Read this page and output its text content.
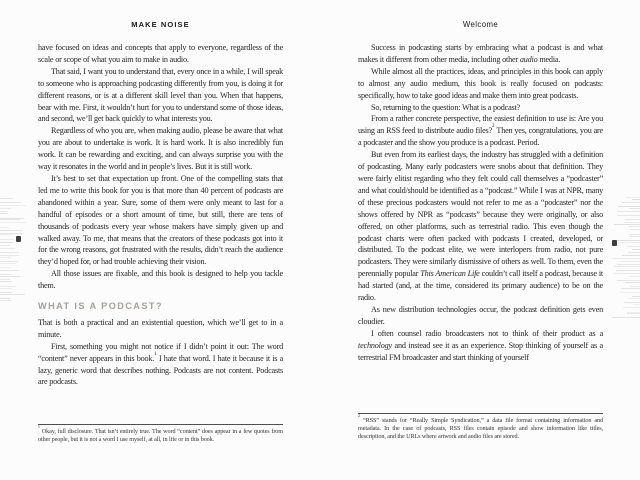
MAKE NOISE

have focused on ideas and concepts that apply to everyone, regardless of the scale or scope of what you aim to make in audio.

That said, I want you to understand that, every once in a while, I will speak to someone who is approaching podcasting differently from you, is doing it for different reasons, or is at a different skill level than you. When that happens, bear with me. First, it wouldn’t hurt for you to understand some of those ideas, and second, we’ll get back quickly to what interests you.

Regardless of who you are, when making audio, please be aware that what you are about to undertake is work. It is hard work. It is also incredibly fun work. It can be rewarding and exciting, and can always surprise you with the way it resonates in the world and in people’s lives. But it is still work.

It’s best to set that expectation up front. One of the compelling stats that led me to write this book for you is that more than 40 percent of podcasts are abandoned within a year. Sure, some of them were only meant to last for a handful of episodes or a short amount of time, but still, there are tens of thousands of podcasts every year whose makers have simply given up and walked away. To me, that means that the creators of these podcasts got into it for the wrong reasons, got frustrated with the results, didn’t reach the audience they’d hoped for, or had trouble achieving their vision.

All those issues are fixable, and this book is designed to help you tackle them.

WHAT IS A PODCAST?

That is both a practical and an existential question, which we’ll get to in a minute.

First, something you might not notice if I didn’t point it out: The word “content” never appears in this book.$^1$ I hate that word. I hate it because it is a lazy, generic word that describes nothing. Podcasts are not content. Podcasts are podcasts.

$^1$ Okay, full disclosure. That isn’t entirely true. The word “content” does appear in a few quotes from other people, but it is not a word I use myself, at all, in life or in this book.

Welcome

Success in podcasting starts by embracing what a podcast is and what makes it different from other media, including other audio media.

While almost all the practices, ideas, and principles in this book can apply to almost any audio medium, this book is really focused on podcasts: specifically, how to take good ideas and make them into great podcasts.

So, returning to the question: What is a podcast?

From a rather concrete perspective, the easiest definition to use is: Are you using an RSS feed to distribute audio files?$^2$ Then yes, congratulations, you are a podcaster and the show you produce is a podcast. Period.

But even from its earliest days, the industry has struggled with a definition of podcasting. Many early podcasters were snobs about that definition. They were fairly elitist regarding who they felt could call themselves a “podcaster” and what could/should be identified as a “podcast.” While I was at NPR, many of these precious podcasters would not refer to me as a “podcaster” nor the shows offered by NPR as “podcasts” because they were originally, or also offered, on other platforms, such as terrestrial radio. This even though the podcast charts were often packed with podcasts I created, developed, or distributed. To the podcast elite, we were interlopers from radio, not pure podcasters. They were similarly dismissive of others as well. To them, even the perennially popular This American Life couldn’t call itself a podcast, because it had started (and, at the time, considered its primary audience) to be on the radio.

As new distribution technologies occur, the podcast definition gets even cloudier.

I often counsel radio broadcasters not to think of their product as a technology and instead see it as an experience. Stop thinking of yourself as a terrestrial FM broadcaster and start thinking of yourself

$^2$ “RSS” stands for “Really Simple Syndication,” a data file format containing information and metadata. In the case of podcasts, RSS files contain episode and show information like titles, description, and the URLs where artwork and audio files are stored.
